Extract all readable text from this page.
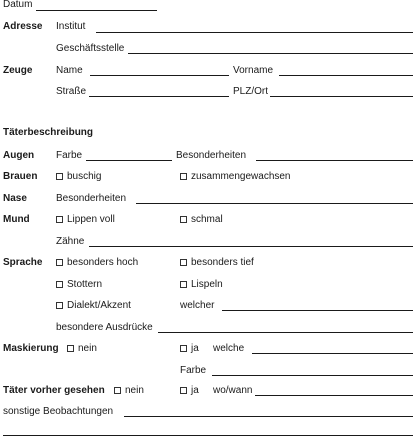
Datum
Adresse Institut
Geschäftsstelle
Zeuge Name	Vorname
Straße	PLZ/Ort
Täterbeschreibung
Augen Farbe	Besonderheiten
Brauen	buschig	zusammengewachsen
Nase	Besonderheiten
Mund	Lippen voll	schmal
Zähne
Sprache besonders hoch	besonders tief
Stottern	Lispeln
Dialekt/Akzent	welcher
besondere Ausdrücke
Maskierung nein	ja welche
Farbe
Täter vorher gesehen nein	ja wo/wann
sonstige Beobachtungen
